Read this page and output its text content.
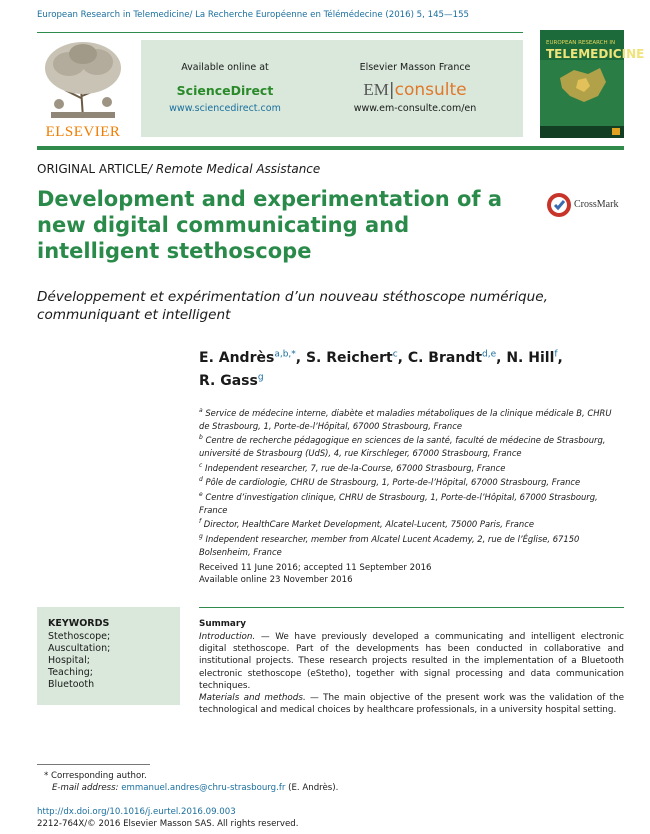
European Research in Telemedicine/ La Recherche Européenne en Télémédecine (2016) 5, 145—155
ELSEVIER
Available online at
ScienceDirect
www.sciencedirect.com
Elsevier Masson France
EM|consulte
www.em-consulte.com/en
EUROPEAN RESEARCH IN
TELEMEDICINE
ORIGINAL ARTICLE/ Remote Medical Assistance
Development and experimentation of a new digital communicating and intelligent stethoscope
CrossMark
Développement et expérimentation d’un nouveau stéthoscope numérique, communiquant et intelligent
E. Andrès$^{a,b,*}$, S. Reichert$^c$, C. Brandt$^{d,e}$, N. Hill$^f$,
R. Gass$^g$
$^a$ Service de médecine interne, diabète et maladies métaboliques de la clinique médicale B, CHRU de Strasbourg, 1, Porte-de-l’Hôpital, 67000 Strasbourg, France
$^b$ Centre de recherche pédagogique en sciences de la santé, faculté de médecine de Strasbourg, université de Strasbourg (UdS), 4, rue Kirschleger, 67000 Strasbourg, France
$^c$ Independent researcher, 7, rue de-la-Course, 67000 Strasbourg, France
$^d$ Pôle de cardiologie, CHRU de Strasbourg, 1, Porte-de-l’Hôpital, 67000 Strasbourg, France
$^e$ Centre d’investigation clinique, CHRU de Strasbourg, 1, Porte-de-l’Hôpital, 67000 Strasbourg, France
$^f$ Director, HealthCare Market Development, Alcatel-Lucent, 75000 Paris, France
$^g$ Independent researcher, member from Alcatel Lucent Academy, 2, rue de l’Église, 67150 Bolsenheim, France
Received 11 June 2016; accepted 11 September 2016
Available online 23 November 2016
KEYWORDS
Stethoscope;
Auscultation;
Hospital;
Teaching;
Bluetooth
Summary
Introduction. — We have previously developed a communicating and intelligent electronic digital stethoscope. Part of the developments has been conducted in collaborative and institutional projects. These research projects resulted in the implementation of a Bluetooth electronic stethoscope (eStetho), together with signal processing and data communication techniques.
Materials and methods. — The main objective of the present work was the validation of the technological and medical choices by healthcare professionals, in a university hospital setting.
* Corresponding author.
E-mail address: emmanuel.andres@chru-strasbourg.fr (E. Andrès).
http://dx.doi.org/10.1016/j.eurtel.2016.09.003
2212-764X/© 2016 Elsevier Masson SAS. All rights reserved.
